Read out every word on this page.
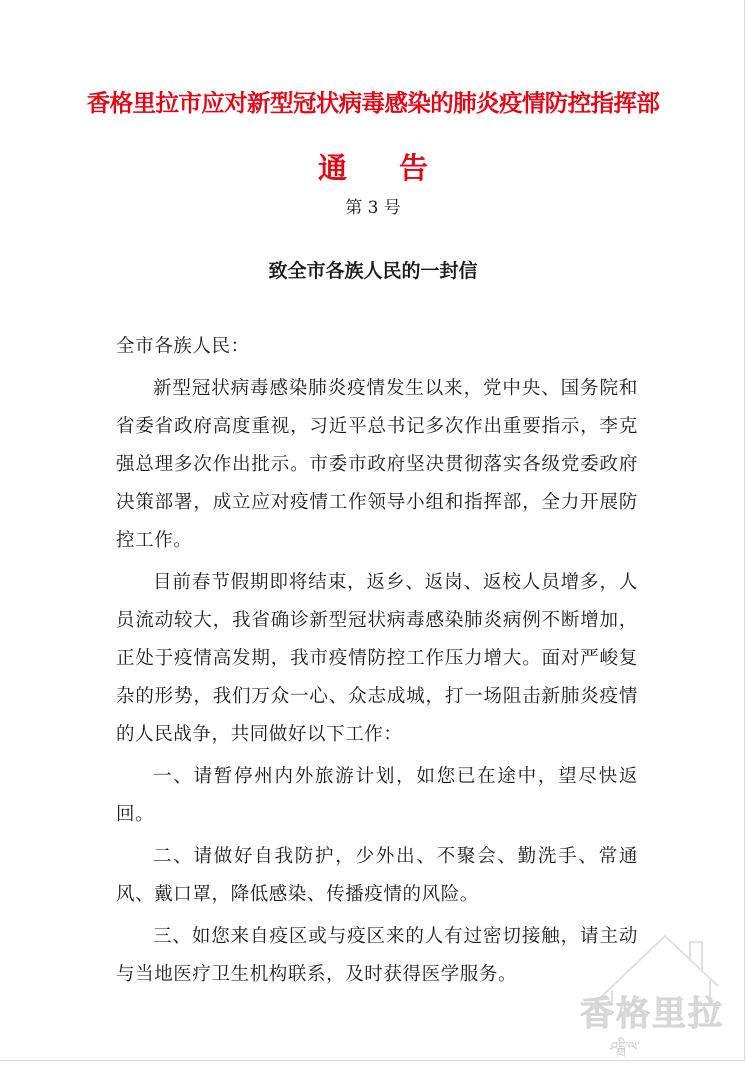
香格里拉市应对新型冠状病毒感染的肺炎疫情防控指挥部
通告
第 3 号
致全市各族人民的一封信

全市各族人民：

新型冠状病毒感染肺炎疫情发生以来，党中央、国务院和省委省政府高度重视，习近平总书记多次作出重要指示，李克强总理多次作出批示。市委市政府坚决贯彻落实各级党委政府决策部署，成立应对疫情工作领导小组和指挥部，全力开展防控工作。

目前春节假期即将结束，返乡、返岗、返校人员增多，人员流动较大，我省确诊新型冠状病毒感染肺炎病例不断增加，正处于疫情高发期，我市疫情防控工作压力增大。面对严峻复杂的形势，我们万众一心、众志成城，打一场阻击新肺炎疫情的人民战争，共同做好以下工作：

一、请暂停州内外旅游计划，如您已在途中，望尽快返回。

二、请做好自我防护，少外出、不聚会、勤洗手、常通风、戴口罩，降低感染、传播疫情的风险。

三、如您来自疫区或与疫区来的人有过密切接触，请主动与当地医疗卫生机构联系，及时获得医学服务。

香格里拉
ཤངྒྲི་ལ་
